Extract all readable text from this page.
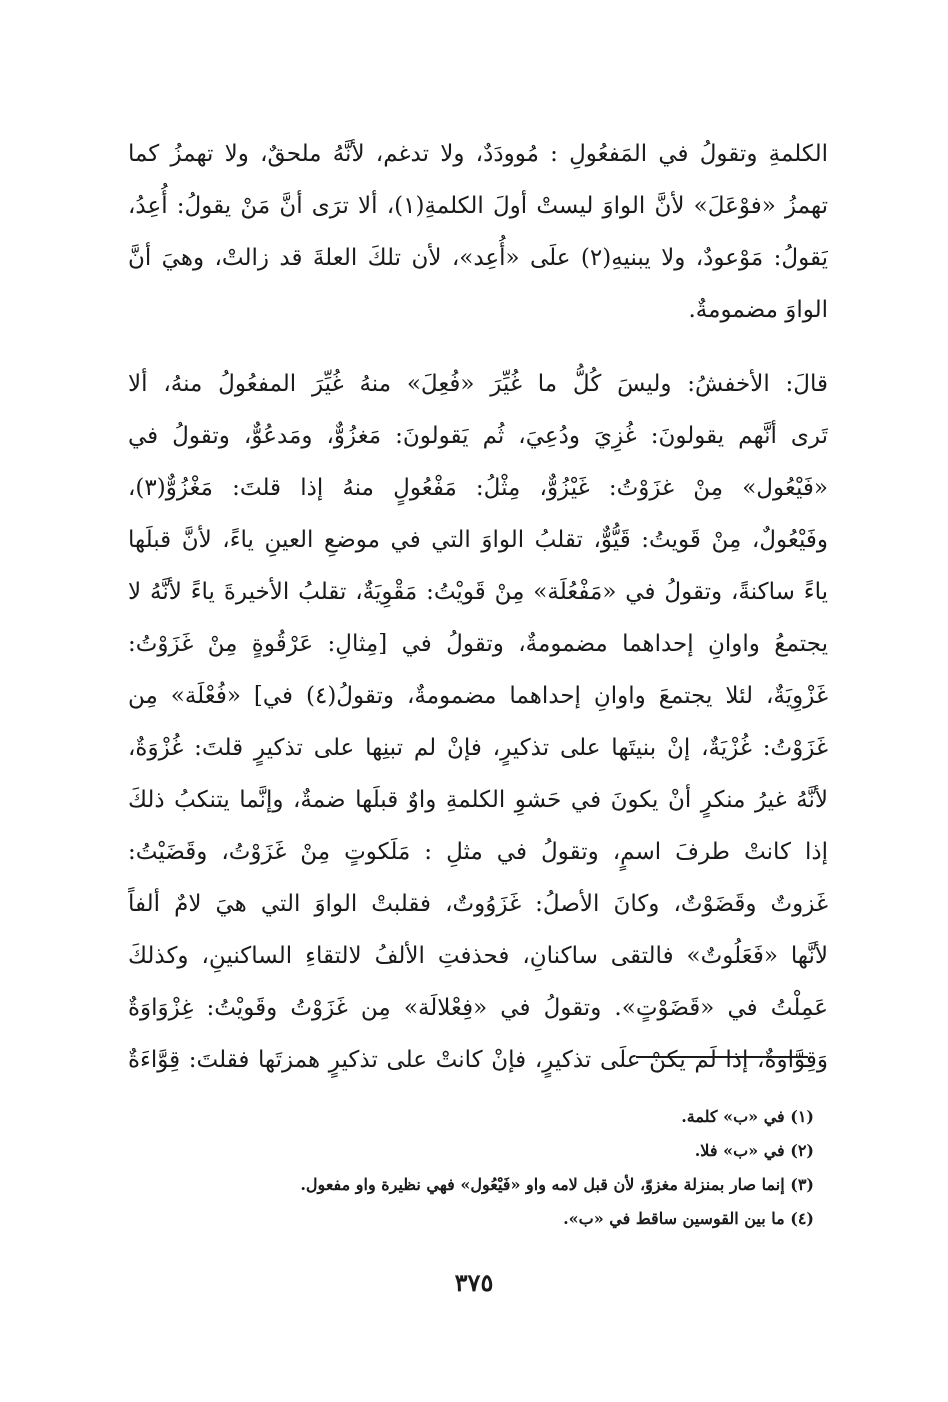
الكلمةِ وتقولُ في المَفعُولِ : مُوودَدٌ، ولا تدغم، لأنَّهُ ملحقٌ، ولا تهمزُ كما
تهمزُ «فوْعَلَ» لأنَّ الواوَ ليستْ أولَ الكلمةِ(١)، ألا ترَى أنَّ مَنْ يقولُ: أُعِدُ،
يَقولُ: مَوْعودٌ، ولا يبنيهِ(٢) علَى «أُعِد»، لأن تلكَ العلةَ قد زالتْ، وهيَ أنَّ
الواوَ مضمومةٌ.
قالَ: الأخفشُ: وليسَ كُلُّ ما غُيِّرَ «فُعِلَ» منهُ غُيِّرَ المفعُولُ منهُ، ألا
تَرى أنَّهم يقولونَ: غُزِيَ ودُعِيَ، ثُم يَقولونَ: مَغزُوٌّ، ومَدعُوٌّ، وتقولُ في
«فَيْعُول» مِنْ غزَوْتُ: غَيْزُوٌّ، مِثْلُ: مَفْعُولٍ منهُ إذا قلتَ: مَغْزُوٌّ(٣)،
وفَيْعُولٌ، مِنْ قَويتُ: قَيُّوٌّ، تقلبُ الواوَ التي في موضعِ العينِ ياءً، لأنَّ قبلَها
ياءً ساكنةً، وتقولُ في «مَفْعُلَة» مِنْ قَويْتُ: مَقْوِيَةٌ، تقلبُ الأخيرةَ ياءً لأنَّهُ لا
يجتمعُ واوانِ إحداهما مضمومةٌ، وتقولُ في [مِثالِ: عَرْقُوةٍ مِنْ غَزَوْتُ:
غَزْوِيَةٌ، لئلا يجتمعَ واوانِ إحداهما مضمومةٌ، وتقولُ(٤) في] «فُعْلَة» مِن
غَزَوْتُ: غُزْيَةٌ، إنْ بنيتَها على تذكيرٍ، فإنْ لم تبنِها على تذكيرٍ قلتَ: غُزْوَةٌ،
لأنَّهُ غيرُ منكرٍ أنْ يكونَ في حَشوِ الكلمةِ واوٌ قبلَها ضمةٌ، وإنَّما يتنكبُ ذلكَ
إذا كانتْ طرفَ اسمٍ، وتقولُ في مثلِ : مَلَكوتٍ مِنْ غَزَوْتُ، وقَضَيْتُ:
غَزوتٌ وقَضَوْتٌ، وكانَ الأصلُ: غَزَوُوتٌ، فقلبتْ الواوَ التي هيَ لامٌ ألفاً
لأنَّها «فَعَلُوتٌ» فالتقى ساكنانِ، فحذفتِ الألفُ لالتقاءِ الساكنينِ، وكذلكَ
عَمِلْتُ في «قَضَوْتٍ». وتقولُ في «فِعْلالَة» مِن غَزَوْتُ وقَويْتُ: غِزْوَاوَةٌ
وَقِوَّاوَةٌ، إذا لَم يكنْ علَى تذكيرٍ، فإنْ كانتْ على تذكيرٍ همزتَها فقلتَ: قِوَّاءَةٌ
(١) في «ب» كلمة.
(٢) في «ب» فلا.
(٣) إنما صار بمنزلة مغزوّ، لأن قبل لامه واو «فَيْعُول» فهي نظيرة واو مفعول.
(٤) ما بين القوسين ساقط في «ب».
٣٧٥
